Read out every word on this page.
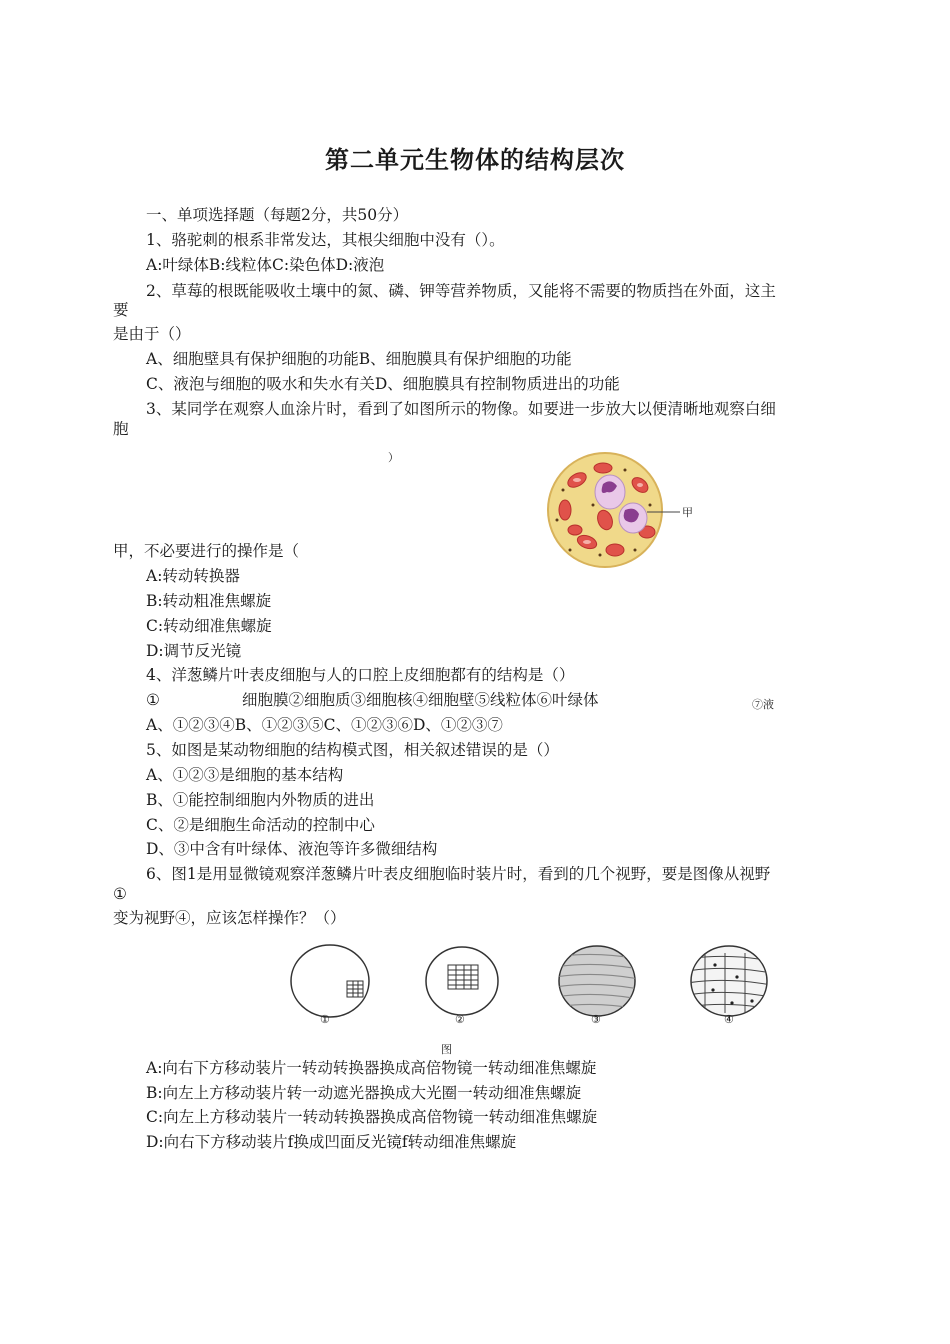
第二单元生物体的结构层次
一、单项选择题（每题2分，共50分）
1、骆驼刺的根系非常发达，其根尖细胞中没有（）。
A:叶绿体B:线粒体C:染色体D:液泡
2、草莓的根既能吸收土壤中的氮、磷、钾等营养物质，又能将不需要的物质挡在外面，这主
要
是由于（）
A、细胞壁具有保护细胞的功能B、细胞膜具有保护细胞的功能
C、液泡与细胞的吸水和失水有关D、细胞膜具有控制物质进出的功能
3、某同学在观察人血涂片时，看到了如图所示的物像。如要进一步放大以便清晰地观察白细
胞
）
甲
甲，不必要进行的操作是（
A:转动转换器
B:转动粗准焦螺旋
C:转动细准焦螺旋
D:调节反光镜
4、洋葱鳞片叶表皮细胞与人的口腔上皮细胞都有的结构是（）
①	细胞膜②细胞质③细胞核④细胞壁⑤线粒体⑥叶绿体	⑦液
A、①②③④B、①②③⑤C、①②③⑥D、①②③⑦
5、如图是某动物细胞的结构模式图，相关叙述错误的是（）
A、①②③是细胞的基本结构
B、①能控制细胞内外物质的进出
C、②是细胞生命活动的控制中心
D、③中含有叶绿体、液泡等许多微细结构
6、图1是用显微镜观察洋葱鳞片叶表皮细胞临时装片时，看到的几个视野，要是图像从视野
①
变为视野④，应该怎样操作？（）
①	②	③	④
图
A:向右下方移动装片一转动转换器换成高倍物镜一转动细准焦螺旋
B:向左上方移动装片转一动遮光器换成大光圈一转动细准焦螺旋
C:向左上方移动装片一转动转换器换成高倍物镜一转动细准焦螺旋
D:向右下方移动装片f换成凹面反光镜f转动细准焦螺旋
